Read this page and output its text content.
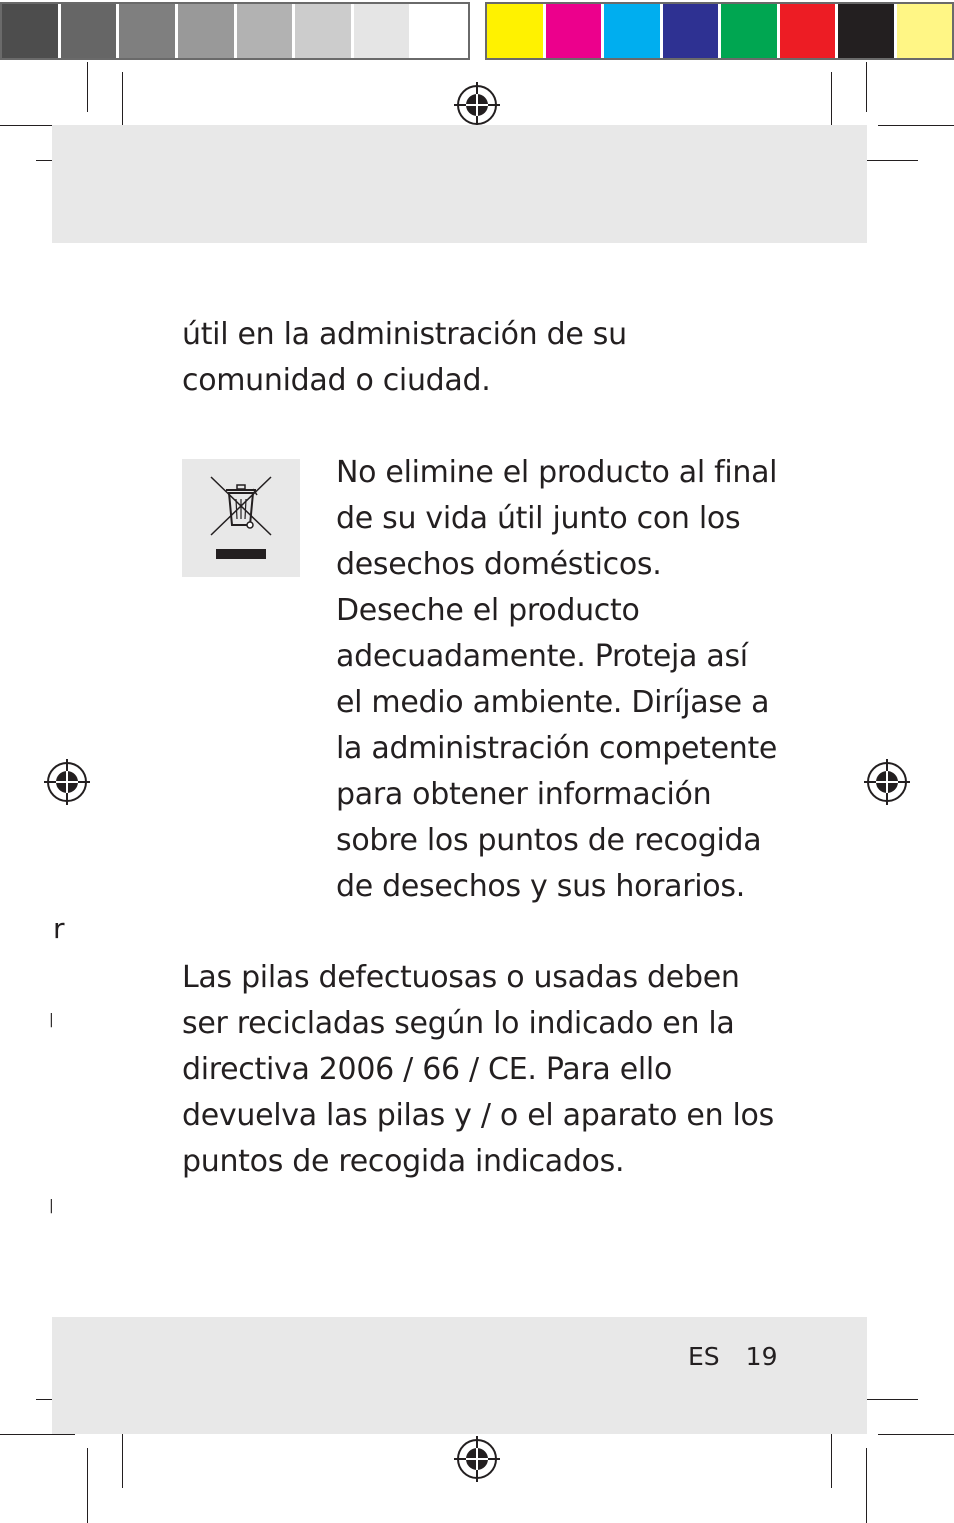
útil en la administración de su comunidad o ciudad.
No elimine el producto al final de su vida útil junto con los desechos domésticos. Deseche el producto adecuadamente. Proteja así el medio ambiente. Diríjase a la administración competente para obtener información sobre los puntos de recogida de desechos y sus horarios.
r
|
|
Las pilas defectuosas o usadas deben ser recicladas según lo indicado en la directiva 2006 / 66 / CE. Para ello devuelva las pilas y / o el aparato en los puntos de recogida indicados.
ES 19
